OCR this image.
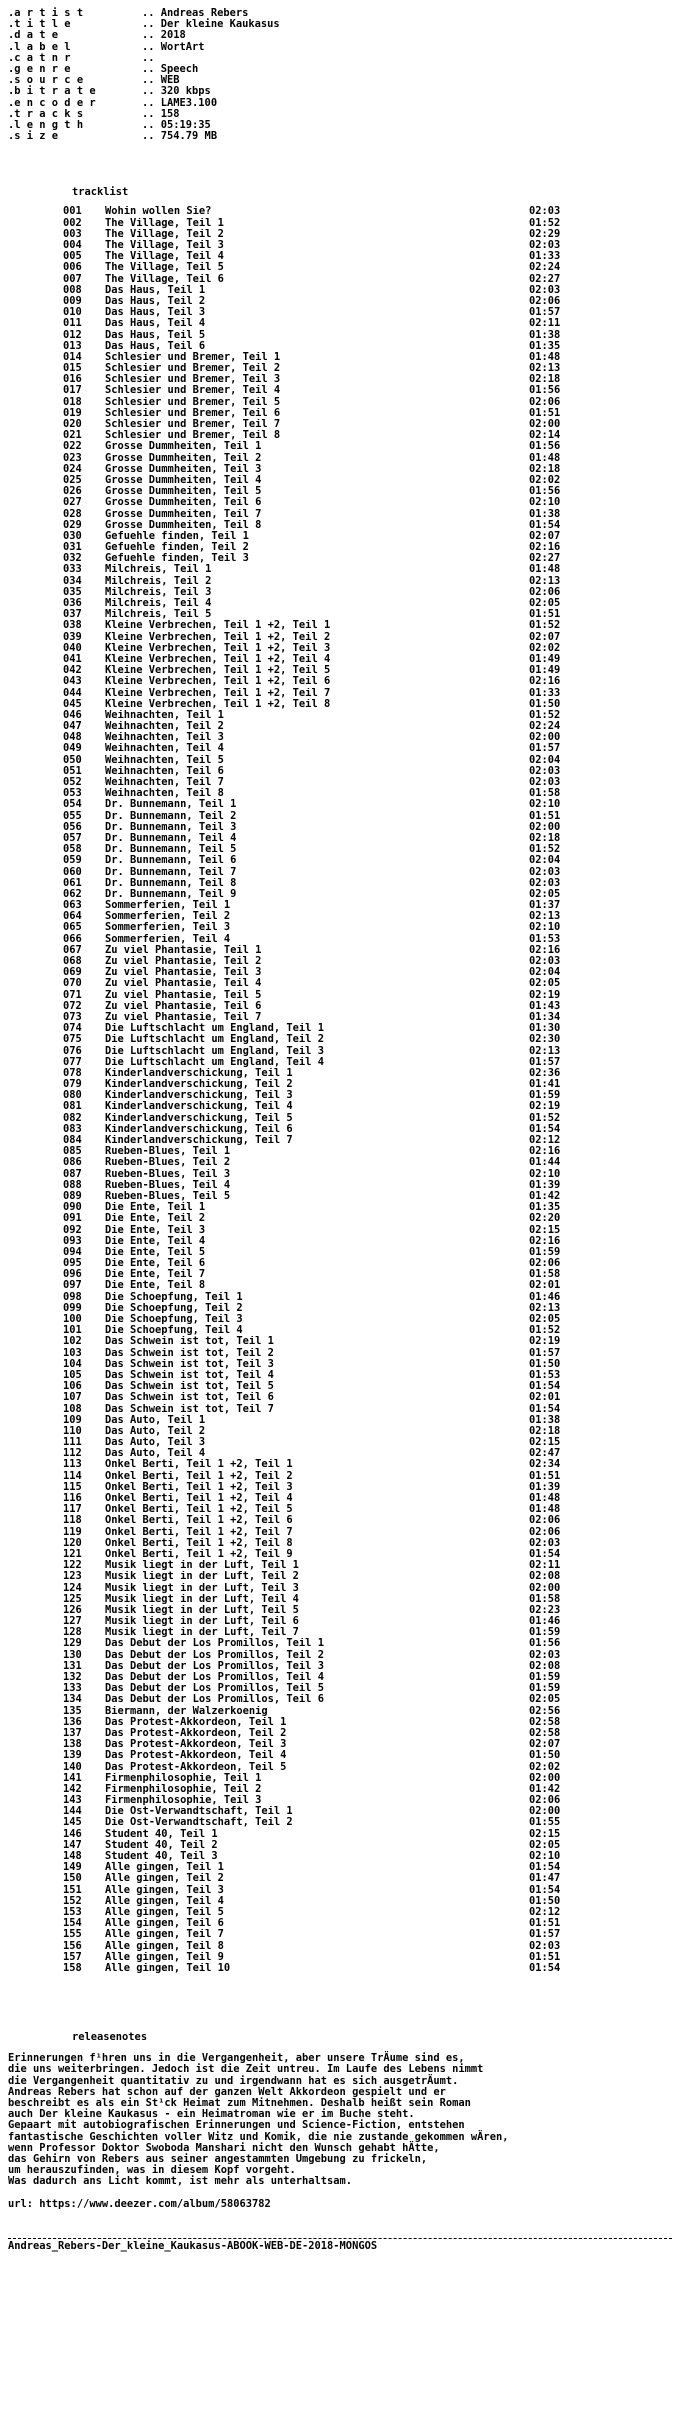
.a r t i s t	.. Andreas Rebers
.t i t l e	.. Der kleine Kaukasus
.d a t e	.. 2018
.l a b e l	.. WortArt
.c a t n r	..
.g e n r e	.. Speech
.s o u r c e	.. WEB
.b i t r a t e	.. 320 kbps
.e n c o d e r	.. LAME3.100
.t r a c k s	.. 158
.l e n g t h	.. 05:19:35
.s i z e	.. 754.79 MB
tracklist
001	Wohin wollen Sie?	02:03
002	The Village, Teil 1	01:52
003	The Village, Teil 2	02:29
004	The Village, Teil 3	02:03
005	The Village, Teil 4	01:33
006	The Village, Teil 5	02:24
007	The Village, Teil 6	02:27
008	Das Haus, Teil 1	02:03
009	Das Haus, Teil 2	02:06
010	Das Haus, Teil 3	01:57
011	Das Haus, Teil 4	02:11
012	Das Haus, Teil 5	01:38
013	Das Haus, Teil 6	01:35
014	Schlesier und Bremer, Teil 1	01:48
015	Schlesier und Bremer, Teil 2	02:13
016	Schlesier und Bremer, Teil 3	02:18
017	Schlesier und Bremer, Teil 4	01:56
018	Schlesier und Bremer, Teil 5	02:06
019	Schlesier und Bremer, Teil 6	01:51
020	Schlesier und Bremer, Teil 7	02:00
021	Schlesier und Bremer, Teil 8	02:14
022	Grosse Dummheiten, Teil 1	01:56
023	Grosse Dummheiten, Teil 2	01:48
024	Grosse Dummheiten, Teil 3	02:18
025	Grosse Dummheiten, Teil 4	02:02
026	Grosse Dummheiten, Teil 5	01:56
027	Grosse Dummheiten, Teil 6	02:10
028	Grosse Dummheiten, Teil 7	01:38
029	Grosse Dummheiten, Teil 8	01:54
030	Gefuehle finden, Teil 1	02:07
031	Gefuehle finden, Teil 2	02:16
032	Gefuehle finden, Teil 3	02:27
033	Milchreis, Teil 1	01:48
034	Milchreis, Teil 2	02:13
035	Milchreis, Teil 3	02:06
036	Milchreis, Teil 4	02:05
037	Milchreis, Teil 5	01:51
038	Kleine Verbrechen, Teil 1 +2, Teil 1	01:52
039	Kleine Verbrechen, Teil 1 +2, Teil 2	02:07
040	Kleine Verbrechen, Teil 1 +2, Teil 3	02:02
041	Kleine Verbrechen, Teil 1 +2, Teil 4	01:49
042	Kleine Verbrechen, Teil 1 +2, Teil 5	01:49
043	Kleine Verbrechen, Teil 1 +2, Teil 6	02:16
044	Kleine Verbrechen, Teil 1 +2, Teil 7	01:33
045	Kleine Verbrechen, Teil 1 +2, Teil 8	01:50
046	Weihnachten, Teil 1	01:52
047	Weihnachten, Teil 2	02:24
048	Weihnachten, Teil 3	02:00
049	Weihnachten, Teil 4	01:57
050	Weihnachten, Teil 5	02:04
051	Weihnachten, Teil 6	02:03
052	Weihnachten, Teil 7	02:03
053	Weihnachten, Teil 8	01:58
054	Dr. Bunnemann, Teil 1	02:10
055	Dr. Bunnemann, Teil 2	01:51
056	Dr. Bunnemann, Teil 3	02:00
057	Dr. Bunnemann, Teil 4	02:18
058	Dr. Bunnemann, Teil 5	01:52
059	Dr. Bunnemann, Teil 6	02:04
060	Dr. Bunnemann, Teil 7	02:03
061	Dr. Bunnemann, Teil 8	02:03
062	Dr. Bunnemann, Teil 9	02:05
063	Sommerferien, Teil 1	01:37
064	Sommerferien, Teil 2	02:13
065	Sommerferien, Teil 3	02:10
066	Sommerferien, Teil 4	01:53
067	Zu viel Phantasie, Teil 1	02:16
068	Zu viel Phantasie, Teil 2	02:03
069	Zu viel Phantasie, Teil 3	02:04
070	Zu viel Phantasie, Teil 4	02:05
071	Zu viel Phantasie, Teil 5	02:19
072	Zu viel Phantasie, Teil 6	01:43
073	Zu viel Phantasie, Teil 7	01:34
074	Die Luftschlacht um England, Teil 1	01:30
075	Die Luftschlacht um England, Teil 2	02:30
076	Die Luftschlacht um England, Teil 3	02:13
077	Die Luftschlacht um England, Teil 4	01:57
078	Kinderlandverschickung, Teil 1	02:36
079	Kinderlandverschickung, Teil 2	01:41
080	Kinderlandverschickung, Teil 3	01:59
081	Kinderlandverschickung, Teil 4	02:19
082	Kinderlandverschickung, Teil 5	01:52
083	Kinderlandverschickung, Teil 6	01:54
084	Kinderlandverschickung, Teil 7	02:12
085	Rueben-Blues, Teil 1	02:16
086	Rueben-Blues, Teil 2	01:44
087	Rueben-Blues, Teil 3	02:10
088	Rueben-Blues, Teil 4	01:39
089	Rueben-Blues, Teil 5	01:42
090	Die Ente, Teil 1	01:35
091	Die Ente, Teil 2	02:20
092	Die Ente, Teil 3	02:15
093	Die Ente, Teil 4	02:16
094	Die Ente, Teil 5	01:59
095	Die Ente, Teil 6	02:06
096	Die Ente, Teil 7	01:58
097	Die Ente, Teil 8	02:01
098	Die Schoepfung, Teil 1	01:46
099	Die Schoepfung, Teil 2	02:13
100	Die Schoepfung, Teil 3	02:05
101	Die Schoepfung, Teil 4	01:52
102	Das Schwein ist tot, Teil 1	02:19
103	Das Schwein ist tot, Teil 2	01:57
104	Das Schwein ist tot, Teil 3	01:50
105	Das Schwein ist tot, Teil 4	01:53
106	Das Schwein ist tot, Teil 5	01:54
107	Das Schwein ist tot, Teil 6	02:01
108	Das Schwein ist tot, Teil 7	01:54
109	Das Auto, Teil 1	01:38
110	Das Auto, Teil 2	02:18
111	Das Auto, Teil 3	02:15
112	Das Auto, Teil 4	02:47
113	Onkel Berti, Teil 1 +2, Teil 1	02:34
114	Onkel Berti, Teil 1 +2, Teil 2	01:51
115	Onkel Berti, Teil 1 +2, Teil 3	01:39
116	Onkel Berti, Teil 1 +2, Teil 4	01:48
117	Onkel Berti, Teil 1 +2, Teil 5	01:48
118	Onkel Berti, Teil 1 +2, Teil 6	02:06
119	Onkel Berti, Teil 1 +2, Teil 7	02:06
120	Onkel Berti, Teil 1 +2, Teil 8	02:03
121	Onkel Berti, Teil 1 +2, Teil 9	01:54
122	Musik liegt in der Luft, Teil 1	02:11
123	Musik liegt in der Luft, Teil 2	02:08
124	Musik liegt in der Luft, Teil 3	02:00
125	Musik liegt in der Luft, Teil 4	01:58
126	Musik liegt in der Luft, Teil 5	02:23
127	Musik liegt in der Luft, Teil 6	01:46
128	Musik liegt in der Luft, Teil 7	01:59
129	Das Debut der Los Promillos, Teil 1	01:56
130	Das Debut der Los Promillos, Teil 2	02:03
131	Das Debut der Los Promillos, Teil 3	02:08
132	Das Debut der Los Promillos, Teil 4	01:59
133	Das Debut der Los Promillos, Teil 5	01:59
134	Das Debut der Los Promillos, Teil 6	02:05
135	Biermann, der Walzerkoenig	02:56
136	Das Protest-Akkordeon, Teil 1	02:58
137	Das Protest-Akkordeon, Teil 2	02:58
138	Das Protest-Akkordeon, Teil 3	02:07
139	Das Protest-Akkordeon, Teil 4	01:50
140	Das Protest-Akkordeon, Teil 5	02:02
141	Firmenphilosophie, Teil 1	02:00
142	Firmenphilosophie, Teil 2	01:42
143	Firmenphilosophie, Teil 3	02:06
144	Die Ost-Verwandtschaft, Teil 1	02:00
145	Die Ost-Verwandtschaft, Teil 2	01:55
146	Student 40, Teil 1	02:15
147	Student 40, Teil 2	02:05
148	Student 40, Teil 3	02:10
149	Alle gingen, Teil 1	01:54
150	Alle gingen, Teil 2	01:47
151	Alle gingen, Teil 3	01:54
152	Alle gingen, Teil 4	01:50
153	Alle gingen, Teil 5	02:12
154	Alle gingen, Teil 6	01:51
155	Alle gingen, Teil 7	01:57
156	Alle gingen, Teil 8	02:03
157	Alle gingen, Teil 9	01:51
158	Alle gingen, Teil 10	01:54
releasenotes
Erinnerungen f¹hren uns in die Vergangenheit, aber unsere TrÄume sind es,
die uns weiterbringen. Jedoch ist die Zeit untreu. Im Laufe des Lebens nimmt
die Vergangenheit quantitativ zu und irgendwann hat es sich ausgetrÄumt.
Andreas Rebers hat schon auf der ganzen Welt Akkordeon gespielt und er
beschreibt es als ein St¹ck Heimat zum Mitnehmen. Deshalb heißt sein Roman
auch Der kleine Kaukasus - ein Heimatroman wie er im Buche steht.
Gepaart mit autobiografischen Erinnerungen und Science-Fiction, entstehen
fantastische Geschichten voller Witz und Komik, die nie zustande gekommen wÄren,
wenn Professor Doktor Swoboda Manshari nicht den Wunsch gehabt hÄtte,
das Gehirn von Rebers aus seiner angestammten Umgebung zu frickeln,
um herauszufinden, was in diesem Kopf vorgeht.
Was dadurch ans Licht kommt, ist mehr als unterhaltsam.
url: https://www.deezer.com/album/58063782
Andreas_Rebers-Der_kleine_Kaukasus-ABOOK-WEB-DE-2018-MONGOS
